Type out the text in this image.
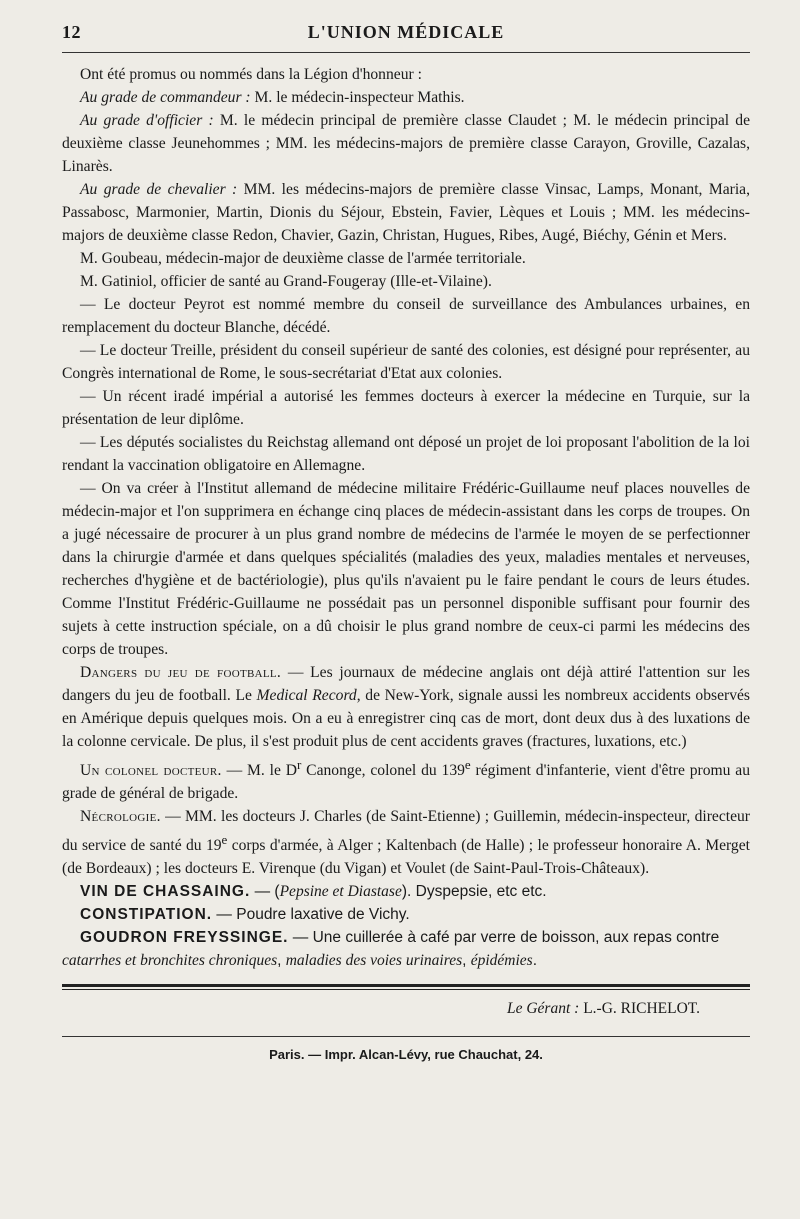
12	L'UNION MÉDICALE

Ont été promus ou nommés dans la Légion d'honneur :

Au grade de commandeur : M. le médecin-inspecteur Mathis.

Au grade d'officier : M. le médecin principal de première classe Claudet ; M. le médecin principal de deuxième classe Jeunehommes ; MM. les médecins-majors de première classe Carayon, Groville, Cazalas, Linarès.

Au grade de chevalier : MM. les médecins-majors de première classe Vinsac, Lamps, Monant, Maria, Passabosc, Marmonier, Martin, Dionis du Séjour, Ebstein, Favier, Lèques et Louis ; MM. les médecins-majors de deuxième classe Redon, Chavier, Gazin, Christan, Hugues, Ribes, Augé, Biéchy, Génin et Mers.

M. Goubeau, médecin-major de deuxième classe de l'armée territoriale.

M. Gatiniol, officier de santé au Grand-Fougeray (Ille-et-Vilaine).

— Le docteur Peyrot est nommé membre du conseil de surveillance des Ambulances urbaines, en remplacement du docteur Blanche, décédé.

— Le docteur Treille, président du conseil supérieur de santé des colonies, est désigné pour représenter, au Congrès international de Rome, le sous-secrétariat d'Etat aux colonies.

— Un récent iradé impérial a autorisé les femmes docteurs à exercer la médecine en Turquie, sur la présentation de leur diplôme.

— Les députés socialistes du Reichstag allemand ont déposé un projet de loi proposant l'abolition de la loi rendant la vaccination obligatoire en Allemagne.

— On va créer à l'Institut allemand de médecine militaire Frédéric-Guillaume neuf places nouvelles de médecin-major et l'on supprimera en échange cinq places de médecin-assistant dans les corps de troupes. On a jugé nécessaire de procurer à un plus grand nombre de médecins de l'armée le moyen de se perfectionner dans la chirurgie d'armée et dans quelques spécialités (maladies des yeux, maladies mentales et nerveuses, recherches d'hygiène et de bactériologie), plus qu'ils n'avaient pu le faire pendant le cours de leurs études. Comme l'Institut Frédéric-Guillaume ne possédait pas un personnel disponible suffisant pour fournir des sujets à cette instruction spéciale, on a dû choisir le plus grand nombre de ceux-ci parmi les médecins des corps de troupes.

Dangers du jeu de football. — Les journaux de médecine anglais ont déjà attiré l'attention sur les dangers du jeu de football. Le Medical Record, de New-York, signale aussi les nombreux accidents observés en Amérique depuis quelques mois. On a eu à enregistrer cinq cas de mort, dont deux dus à des luxations de la colonne cervicale. De plus, il s'est produit plus de cent accidents graves (fractures, luxations, etc.)

Un colonel docteur. — M. le $D^r$ Canonge, colonel du 139e régiment d'infanterie, vient d'être promu au grade de général de brigade.

Nécrologie. — MM. les docteurs J. Charles (de Saint-Etienne) ; Guillemin, médecin-inspecteur, directeur du service de santé du 19e corps d'armée, à Alger ; Kaltenbach (de Halle) ; le professeur honoraire A. Merget (de Bordeaux) ; les docteurs E. Virenque (du Vigan) et Voulet (de Saint-Paul-Trois-Châteaux).

VIN DE CHASSAING. — (Pepsine et Diastase). Dyspepsie, etc etc.

CONSTIPATION. — Poudre laxative de Vichy.

GOUDRON FREYSSINGE. — Une cuillerée à café par verre de boisson, aux repas contre catarrhes et bronchites chroniques, maladies des voies urinaires, épidémies.

Le Gérant : L.-G. RICHELOT.
Paris. — Impr. Alcan-Lévy, rue Chauchat, 24.
